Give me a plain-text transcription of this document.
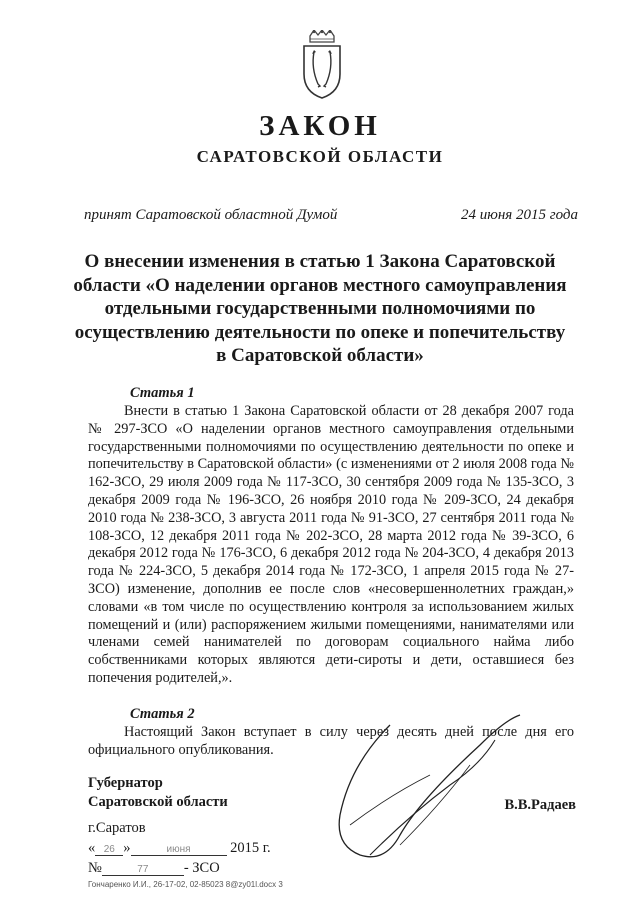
ЗАКОН
САРАТОВСКОЙ ОБЛАСТИ
принят Саратовской областной Думой	24 июня 2015 года
О внесении изменения в статью 1 Закона Саратовской области «О наделении органов местного самоуправления отдельными государственными полномочиями по осуществлению деятельности по опеке и попечительству в Саратовской области»
Статья 1
Внести в статью 1 Закона Саратовской области от 28 декабря 2007 года № 297-ЗСО «О наделении органов местного самоуправления отдельными государственными полномочиями по осуществлению деятельности по опеке и попечительству в Саратовской области» (с изменениями от 2 июля 2008 года № 162-ЗСО, 29 июля 2009 года № 117-ЗСО, 30 сентября 2009 года № 135-ЗСО, 3 декабря 2009 года № 196-ЗСО, 26 ноября 2010 года № 209-ЗСО, 24 декабря 2010 года № 238-ЗСО, 3 августа 2011 года № 91-ЗСО, 27 сентября 2011 года № 108-ЗСО, 12 декабря 2011 года № 202-ЗСО, 28 марта 2012 года № 39-ЗСО, 6 декабря 2012 года № 176-ЗСО, 6 декабря 2012 года № 204-ЗСО, 4 декабря 2013 года № 224-ЗСО, 5 декабря 2014 года № 172-ЗСО, 1 апреля 2015 года № 27-ЗСО) изменение, дополнив ее после слов «несовершеннолетних граждан,» словами «в том числе по осуществлению контроля за использованием жилых помещений и (или) распоряжением жилыми помещениями, нанимателями или членами семей нанимателей по договорам социального найма либо собственниками которых являются дети-сироты и дети, оставшиеся без попечения родителей,».
Статья 2
Настоящий Закон вступает в силу через десять дней после дня его официального опубликования.
Губернатор
Саратовской области	В.В.Радаев
г.Саратов
« 26 »	июня	2015 г.
№	77 - ЗСО
Гончаренко И.И., 26-17-02, 02-85023 8@zy01l.docx 3
